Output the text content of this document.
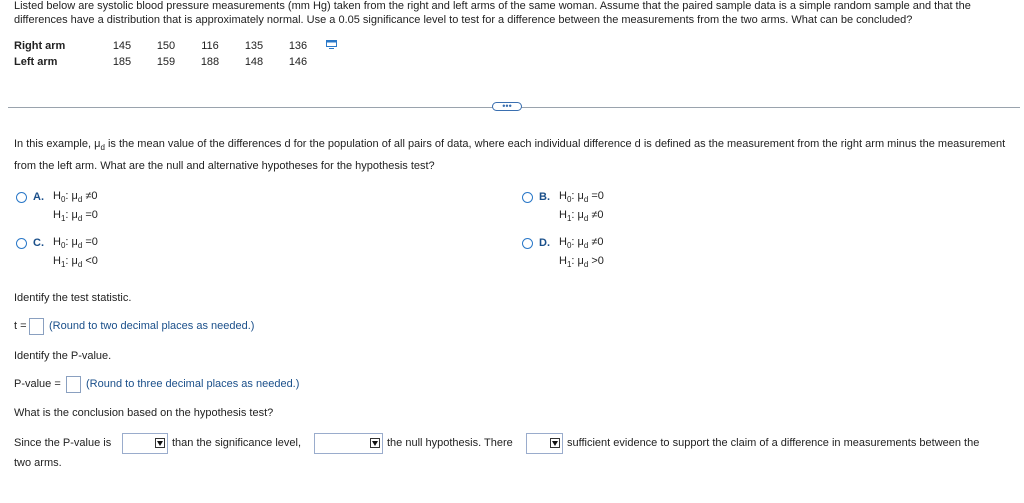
Listed below are systolic blood pressure measurements (mm Hg) taken from the right and left arms of the same woman. Assume that the paired sample data is a simple random sample and that the differences have a distribution that is approximately normal. Use a 0.05 significance level to test for a difference between the measurements from the two arms. What can be concluded?
Right arm	145	150	116	135	136	
Left arm	185	159	188	148	146	
•••
In this example, $\mu_d$ is the mean value of the differences d for the population of all pairs of data, where each individual difference d is defined as the measurement from the right arm minus the measurement from the left arm. What are the null and alternative hypotheses for the hypothesis test?
A. $H_0$: $\mu_d \ne 0$
$H_1$: $\mu_d =0$
B. $H_0$: $\mu_d =0$
$H_1$: $\mu_d \ne 0$
C. $H_0$: $\mu_d =0$
$H_1$: $\mu_d <0$
D. $H_0$: $\mu_d \ne 0$
$H_1$: $\mu_d >0$
Identify the test statistic.
t = (Round to two decimal places as needed.)
Identify the P-value.
P-value = (Round to three decimal places as needed.)
What is the conclusion based on the hypothesis test?
Since the P-value is	than the significance level,	the null hypothesis. There	sufficient evidence to support the claim of a difference in measurements between the
two arms.
